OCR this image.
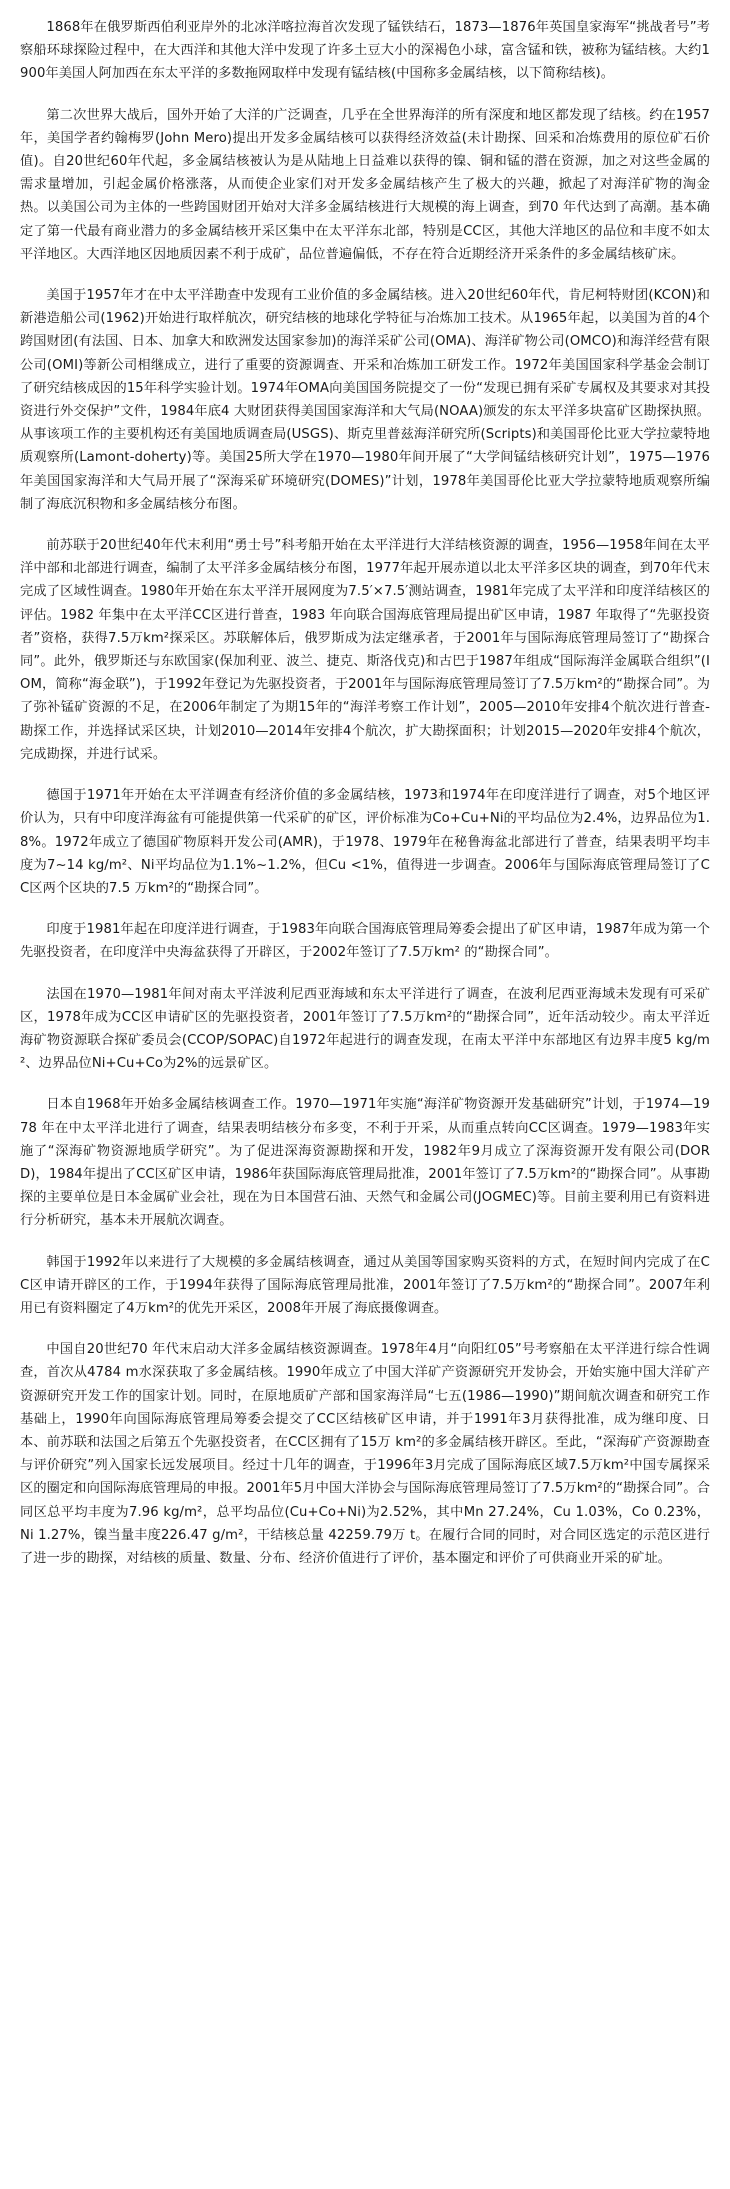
1868年在俄罗斯西伯利亚岸外的北冰洋喀拉海首次发现了锰铁结石，1873—1876年英国皇家海军“挑战者号”考察船环球探险过程中，在大西洋和其他大洋中发现了许多土豆大小的深褐色小球，富含锰和铁，被称为锰结核。大约1900年美国人阿加西在东太平洋的多数拖网取样中发现有锰结核(中国称多金属结核，以下简称结核)。

第二次世界大战后，国外开始了大洋的广泛调查，几乎在全世界海洋的所有深度和地区都发现了结核。约在1957年，美国学者约翰梅罗(John Mero)提出开发多金属结核可以获得经济效益(未计勘探、回采和冶炼费用的原位矿石价值)。自20世纪60年代起，多金属结核被认为是从陆地上日益难以获得的镍、铜和锰的潜在资源，加之对这些金属的需求量增加，引起金属价格涨落，从而使企业家们对开发多金属结核产生了极大的兴趣，掀起了对海洋矿物的淘金热。以美国公司为主体的一些跨国财团开始对大洋多金属结核进行大规模的海上调查，到70 年代达到了高潮。基本确定了第一代最有商业潜力的多金属结核开采区集中在太平洋东北部，特别是CC区，其他大洋地区的品位和丰度不如太平洋地区。大西洋地区因地质因素不利于成矿，品位普遍偏低，不存在符合近期经济开采条件的多金属结核矿床。

美国于1957年才在中太平洋勘查中发现有工业价值的多金属结核。进入20世纪60年代，肯尼柯特财团(KCON)和新港造船公司(1962)开始进行取样航次，研究结核的地球化学特征与冶炼加工技术。从1965年起，以美国为首的4个跨国财团(有法国、日本、加拿大和欧洲发达国家参加)的海洋采矿公司(OMA)、海洋矿物公司(OMCO)和海洋经营有限公司(OMI)等新公司相继成立，进行了重要的资源调查、开采和冶炼加工研发工作。1972年美国国家科学基金会制订了研究结核成因的15年科学实验计划。1974年OMA向美国国务院提交了一份“发现已拥有采矿专属权及其要求对其投资进行外交保护”文件，1984年底4 大财团获得美国国家海洋和大气局(NOAA)颁发的东太平洋多块富矿区勘探执照。从事该项工作的主要机构还有美国地质调查局(USGS)、斯克里普兹海洋研究所(Scripts)和美国哥伦比亚大学拉蒙特地质观察所(Lamont-doherty)等。美国25所大学在1970—1980年间开展了“大学间锰结核研究计划”，1975—1976年美国国家海洋和大气局开展了“深海采矿环境研究(DOMES)”计划，1978年美国哥伦比亚大学拉蒙特地质观察所编制了海底沉积物和多金属结核分布图。

前苏联于20世纪40年代末利用“勇士号”科考船开始在太平洋进行大洋结核资源的调查，1956—1958年间在太平洋中部和北部进行调查，编制了太平洋多金属结核分布图，1977年起开展赤道以北太平洋多区块的调查，到70年代末完成了区域性调查。1980年开始在东太平洋开展网度为7.5′×7.5′测站调查，1981年完成了太平洋和印度洋结核区的评估。1982 年集中在太平洋CC区进行普查，1983 年向联合国海底管理局提出矿区申请，1987 年取得了“先驱投资者”资格，获得7.5万km²探采区。苏联解体后，俄罗斯成为法定继承者，于2001年与国际海底管理局签订了“勘探合同”。此外，俄罗斯还与东欧国家(保加利亚、波兰、捷克、斯洛伐克)和古巴于1987年组成“国际海洋金属联合组织”(IOM，简称“海金联”)，于1992年登记为先驱投资者，于2001年与国际海底管理局签订了7.5万km²的“勘探合同”。为了弥补锰矿资源的不足，在2006年制定了为期15年的“海洋考察工作计划”，2005—2010年安排4个航次进行普查-勘探工作，并选择试采区块，计划2010—2014年安排4个航次，扩大勘探面积；计划2015—2020年安排4个航次，完成勘探，并进行试采。

德国于1971年开始在太平洋调查有经济价值的多金属结核，1973和1974年在印度洋进行了调查，对5个地区评价认为，只有中印度洋海盆有可能提供第一代采矿的矿区，评价标准为Co+Cu+Ni的平均品位为2.4%，边界品位为1.8%。1972年成立了德国矿物原料开发公司(AMR)，于1978、1979年在秘鲁海盆北部进行了普查，结果表明平均丰度为7~14 kg/m²、Ni平均品位为1.1%~1.2%，但Cu <1%，值得进一步调查。2006年与国际海底管理局签订了CC区两个区块的7.5 万km²的“勘探合同”。

印度于1981年起在印度洋进行调查，于1983年向联合国海底管理局筹委会提出了矿区申请，1987年成为第一个先驱投资者，在印度洋中央海盆获得了开辟区，于2002年签订了7.5万km² 的“勘探合同”。

法国在1970—1981年间对南太平洋波利尼西亚海域和东太平洋进行了调查，在波利尼西亚海域未发现有可采矿区，1978年成为CC区申请矿区的先驱投资者，2001年签订了7.5万km²的“勘探合同”，近年活动较少。南太平洋近海矿物资源联合探矿委员会(CCOP/SOPAC)自1972年起进行的调查发现，在南太平洋中东部地区有边界丰度5 kg/m²、边界品位Ni+Cu+Co为2%的远景矿区。

日本自1968年开始多金属结核调查工作。1970—1971年实施“海洋矿物资源开发基础研究”计划，于1974—1978 年在中太平洋北进行了调查，结果表明结核分布多变，不利于开采，从而重点转向CC区调查。1979—1983年实施了“深海矿物资源地质学研究”。为了促进深海资源勘探和开发，1982年9月成立了深海资源开发有限公司(DORD)，1984年提出了CC区矿区申请，1986年获国际海底管理局批准，2001年签订了7.5万km²的“勘探合同”。从事勘探的主要单位是日本金属矿业会社，现在为日本国营石油、天然气和金属公司(JOGMEC)等。目前主要利用已有资料进行分析研究，基本未开展航次调查。

韩国于1992年以来进行了大规模的多金属结核调查，通过从美国等国家购买资料的方式，在短时间内完成了在CC区申请开辟区的工作，于1994年获得了国际海底管理局批准，2001年签订了7.5万km²的“勘探合同”。2007年利用已有资料圈定了4万km²的优先开采区，2008年开展了海底摄像调查。

中国自20世纪70 年代末启动大洋多金属结核资源调查。1978年4月“向阳红05”号考察船在太平洋进行综合性调查，首次从4784 m水深获取了多金属结核。1990年成立了中国大洋矿产资源研究开发协会，开始实施中国大洋矿产资源研究开发工作的国家计划。同时，在原地质矿产部和国家海洋局“七五(1986—1990)”期间航次调查和研究工作基础上，1990年向国际海底管理局筹委会提交了CC区结核矿区申请，并于1991年3月获得批准，成为继印度、日本、前苏联和法国之后第五个先驱投资者，在CC区拥有了15万 km²的多金属结核开辟区。至此，“深海矿产资源勘查与评价研究”列入国家长远发展项目。经过十几年的调查，于1996年3月完成了国际海底区域7.5万km²中国专属探采区的圈定和向国际海底管理局的申报。2001年5月中国大洋协会与国际海底管理局签订了7.5万km²的“勘探合同”。合同区总平均丰度为7.96 kg/m²，总平均品位(Cu+Co+Ni)为2.52%，其中Mn 27.24%，Cu 1.03%，Co 0.23%，Ni 1.27%，镍当量丰度226.47 g/m²，干结核总量 42259.79万 t。在履行合同的同时，对合同区选定的示范区进行了进一步的勘探，对结核的质量、数量、分布、经济价值进行了评价，基本圈定和评价了可供商业开采的矿址。
